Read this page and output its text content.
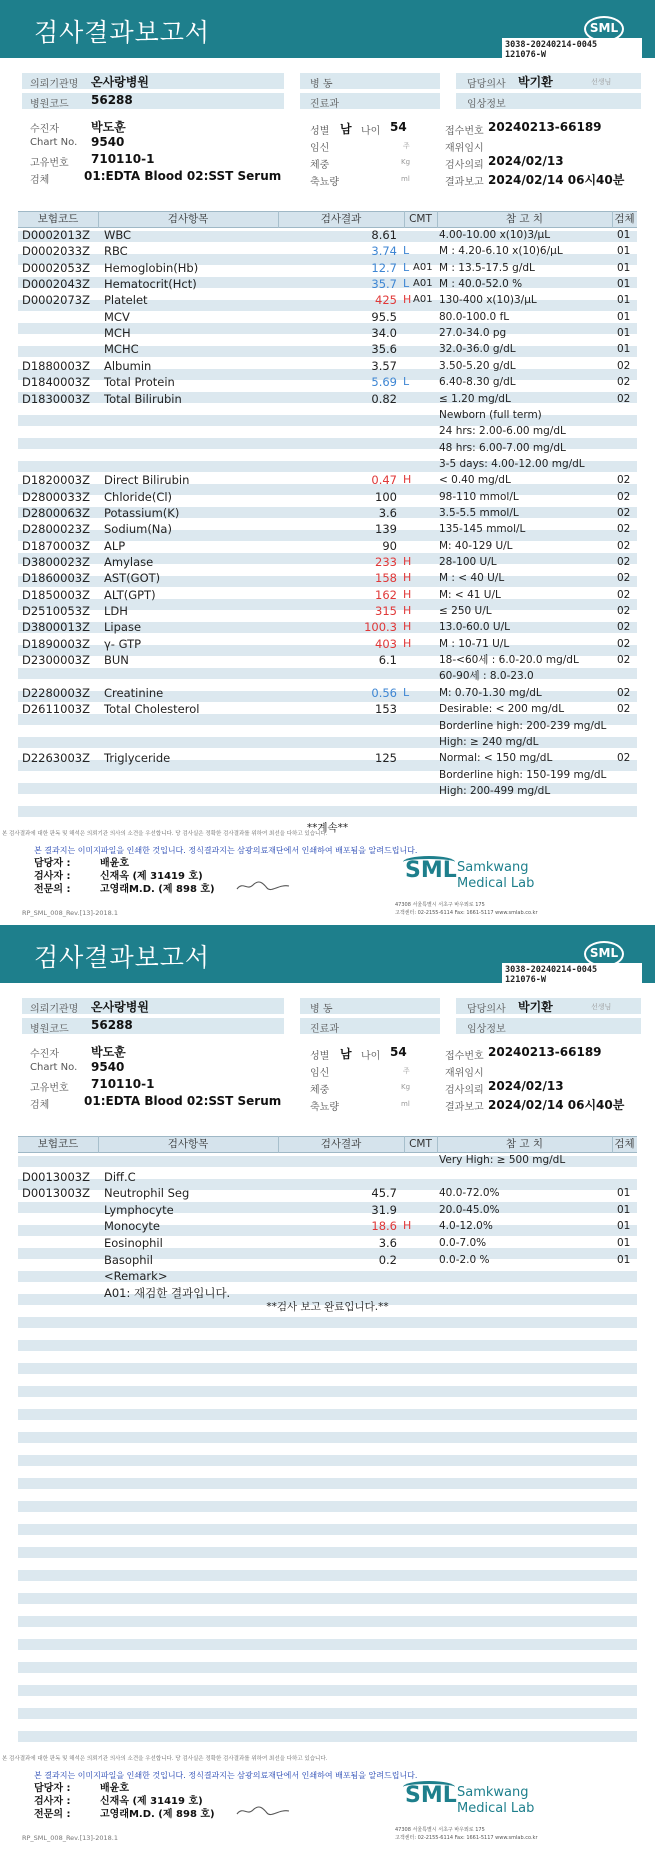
검사결과보고서	SML
3038-20240214-0045
121076-W
의뢰기관명 온사랑병원	병 동	담당의사 박기환	선생님
병원코드 56288	진료과	임상정보
수진자	박도훈	성별 남 나이 54	접수번호 20240213-66189
Chart No. 9540	임신	주	재위임시
고유번호 710110-1	체중	Kg	검사의뢰 2024/02/13
검체	01:EDTA Blood 02:SST Serum	축뇨량	ml	결과보고 2024/02/14 06시40분
보험코드	검사항목	검사결과	CMT	참 고 치	검체
D0002013Z WBC	8.61	4.00-10.00 x(10)3/μL	01
D0002033Z RBC	3.74 L	M : 4.20-6.10 x(10)6/μL	01
D0002053Z Hemoglobin(Hb)	12.7 L A01 M : 13.5-17.5 g/dL	01
D0002043Z Hematocrit(Hct)	35.7 L A01 M : 40.0-52.0 %	01
D0002073Z Platelet	425 H A01 130-400 x(10)3/μL	01
MCV	95.5	80.0-100.0 fL	01
MCH	34.0	27.0-34.0 pg	01
MCHC	35.6	32.0-36.0 g/dL	01
D1880003Z Albumin	3.57	3.50-5.20 g/dL	02
D1840003Z Total Protein	5.69 L	6.40-8.30 g/dL	02
D1830003Z Total Bilirubin	0.82	≤ 1.20 mg/dL	02
Newborn (full term)
24 hrs: 2.00-6.00 mg/dL
48 hrs: 6.00-7.00 mg/dL
3-5 days: 4.00-12.00 mg/dL
D1820003Z Direct Bilirubin	0.47 H	< 0.40 mg/dL	02
D2800033Z Chloride(Cl)	100	98-110 mmol/L	02
D2800063Z Potassium(K)	3.6	3.5-5.5 mmol/L	02
D2800023Z Sodium(Na)	139	135-145 mmol/L	02
D1870003Z ALP	90	M: 40-129 U/L	02
D3800023Z Amylase	233 H	28-100 U/L	02
D1860003Z AST(GOT)	158 H	M : < 40 U/L	02
D1850003Z ALT(GPT)	162 H	M: < 41 U/L	02
D2510053Z LDH	315 H	≤ 250 U/L	02
D3800013Z Lipase	100.3 H	13.0-60.0 U/L	02
D1890003Z γ- GTP	403 H	M : 10-71 U/L	02
D2300003Z BUN	6.1	18-<60세 : 6.0-20.0 mg/dL	02
60-90세 : 8.0-23.0
D2280003Z Creatinine	0.56 L	M: 0.70-1.30 mg/dL	02
D2611003Z Total Cholesterol	153	Desirable: < 200 mg/dL	02
Borderline high: 200-239 mg/dL
High: ≥ 240 mg/dL
D2263003Z Triglyceride	125	Normal: < 150 mg/dL	02
Borderline high: 150-199 mg/dL
High: 200-499 mg/dL
**계속**
본 검사결과에 대한 판독 및 해석은 의뢰기관 의사의 소견을 우선합니다. 당 검사실은 정확한 검사결과를 위하여 최선을 다하고 있습니다.
본 결과지는 이미지파일을 인쇄한 것입니다. 정식결과지는 삼광의료재단에서 인쇄하여 배포됨을 알려드립니다.
담당자 :	배윤호
검사자 :	신재옥 (제 31419 호)
전문의 :	고영래M.D. (제 898 호)
SML Samkwang
Medical Lab
47308 서울특별시 서초구 바우뫼로 175
고객센터: 02-2155-6114 Fax: 1661-5117 www.smlab.co.kr
RP_SML_008_Rev.[13]-2018.1
검사결과보고서	SML
3038-20240214-0045
121076-W
의뢰기관명 온사랑병원	병 동	담당의사 박기환	선생님
병원코드 56288	진료과	임상정보
수진자	박도훈	성별 남 나이 54	접수번호 20240213-66189
Chart No. 9540	임신	주	재위임시
고유번호 710110-1	체중	Kg	검사의뢰 2024/02/13
검체	01:EDTA Blood 02:SST Serum	축뇨량	ml	결과보고 2024/02/14 06시40분
보험코드	검사항목	검사결과	CMT	참 고 치	검체
Very High: ≥ 500 mg/dL
D0013003Z Diff.C
D0013003Z Neutrophil Seg	45.7	40.0-72.0%	01
Lymphocyte	31.9	20.0-45.0%	01
Monocyte	18.6 H	4.0-12.0%	01
Eosinophil	3.6	0.0-7.0%	01
Basophil	0.2	0.0-2.0 %	01
<Remark>
A01: 재검한 결과입니다.
**검사 보고 완료입니다.**
본 검사결과에 대한 판독 및 해석은 의뢰기관 의사의 소견을 우선합니다. 당 검사실은 정확한 검사결과를 위하여 최선을 다하고 있습니다.
본 결과지는 이미지파일을 인쇄한 것입니다. 정식결과지는 삼광의료재단에서 인쇄하여 배포됨을 알려드립니다.
담당자 :	배윤호
검사자 :	신재옥 (제 31419 호)
전문의 :	고영래M.D. (제 898 호)
SML Samkwang
Medical Lab
47308 서울특별시 서초구 바우뫼로 175
고객센터: 02-2155-6114 Fax: 1661-5117 www.smlab.co.kr
RP_SML_008_Rev.[13]-2018.1
